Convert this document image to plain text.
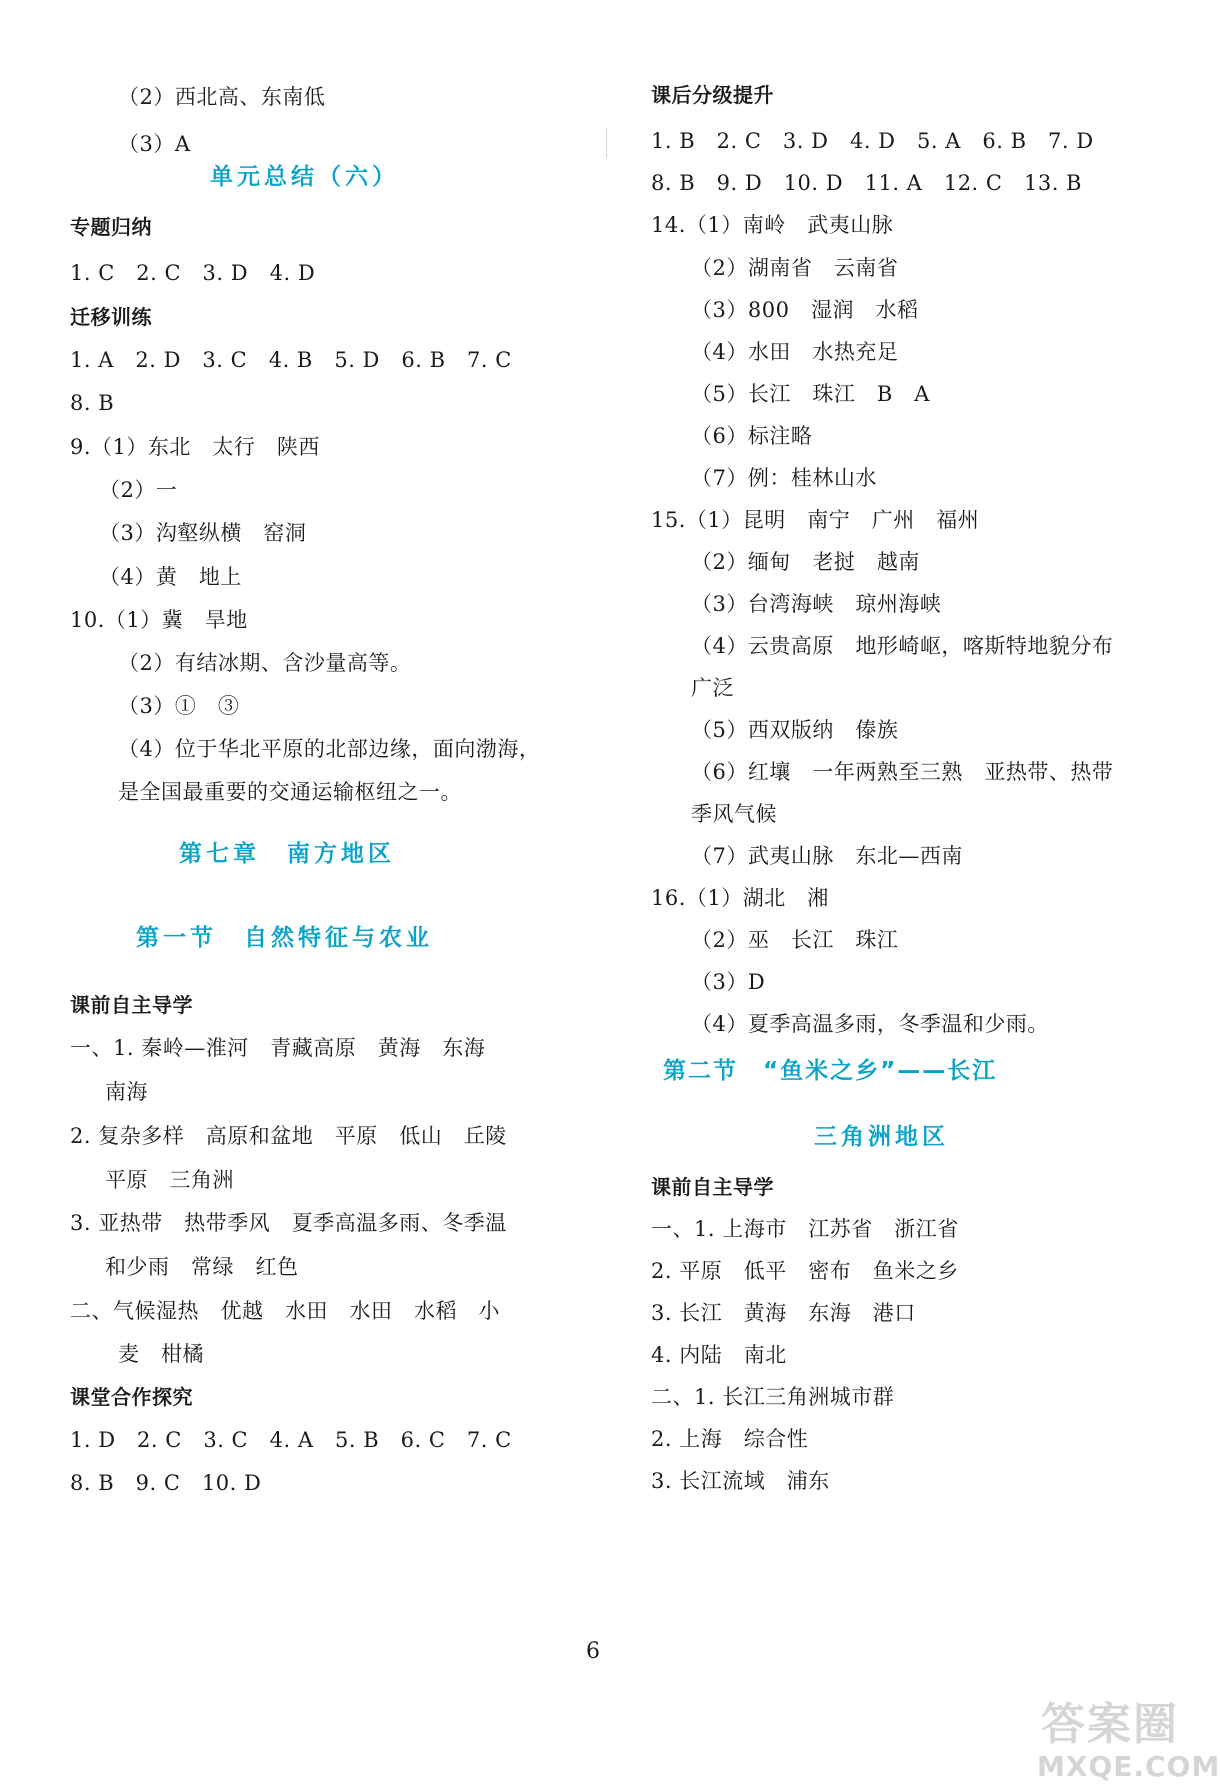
（2）西北高、东南低
（3）A
单元总结（六）
专题归纳
1. C　2. C　3. D　4. D
迁移训练
1. A　2. D　3. C　4. B　5. D　6. B　7. C
8. B
9.（1）东北　太行　陕西
（2）一
（3）沟壑纵横　窑洞
（4）黄　地上
10.（1）冀　旱地
（2）有结冰期、含沙量高等。
（3）①　③
（4）位于华北平原的北部边缘，面向渤海，
是全国最重要的交通运输枢纽之一。
第七章　南方地区
第一节　自然特征与农业
课前自主导学
一、1. 秦岭—淮河　青藏高原　黄海　东海
南海
2. 复杂多样　高原和盆地　平原　低山　丘陵
平原　三角洲
3. 亚热带　热带季风　夏季高温多雨、冬季温
和少雨　常绿　红色
二、气候湿热　优越　水田　水田　水稻　小
麦　柑橘
课堂合作探究
1. D　2. C　3. C　4. A　5. B　6. C　7. C
8. B　9. C　10. D
课后分级提升
1. B　2. C　3. D　4. D　5. A　6. B　7. D
8. B　9. D　10. D　11. A　12. C　13. B
14.（1）南岭　武夷山脉
（2）湖南省　云南省
（3）800　湿润　水稻
（4）水田　水热充足
（5）长江　珠江　B　A
（6）标注略
（7）例：桂林山水
15.（1）昆明　南宁　广州　福州
（2）缅甸　老挝　越南
（3）台湾海峡　琼州海峡
（4）云贵高原　地形崎岖，喀斯特地貌分布
广泛
（5）西双版纳　傣族
（6）红壤　一年两熟至三熟　亚热带、热带
季风气候
（7）武夷山脉　东北—西南
16.（1）湖北　湘
（2）巫　长江　珠江
（3）D
（4）夏季高温多雨，冬季温和少雨。
第二节　“鱼米之乡”——长江
三角洲地区
课前自主导学
一、1. 上海市　江苏省　浙江省
2. 平原　低平　密布　鱼米之乡
3. 长江　黄海　东海　港口
4. 内陆　南北
二、1. 长江三角洲城市群
2. 上海　综合性
3. 长江流域　浦东
6
答案圈
MXQE.COM
